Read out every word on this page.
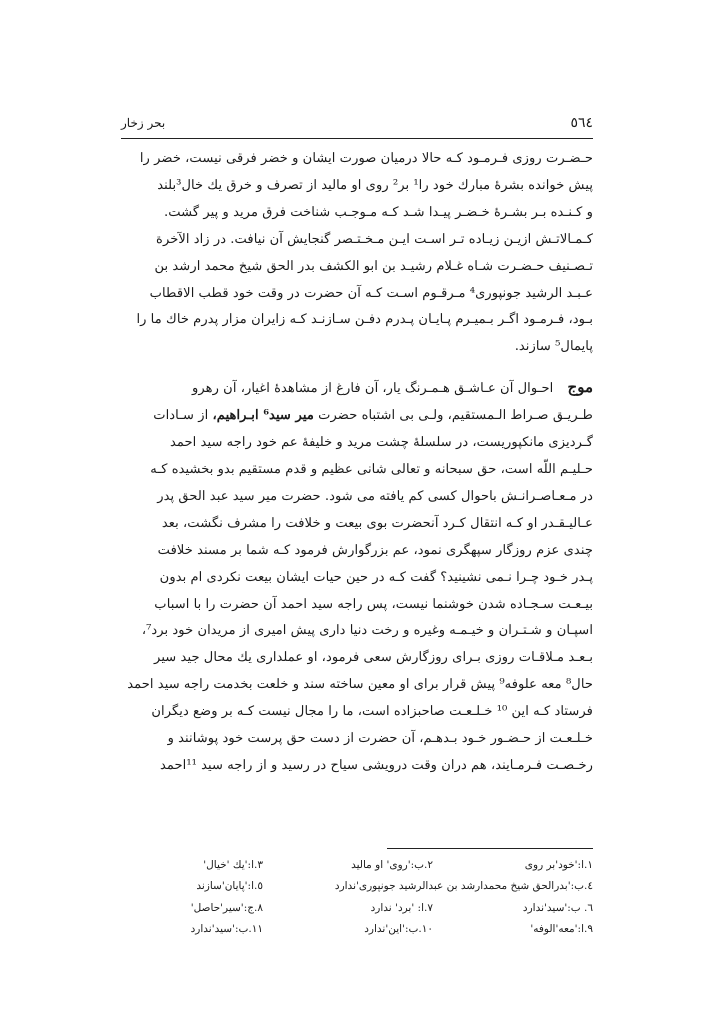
بحر زخار	٥٦٤

حـضـرت روزی فـرمـود کـه حالا درمیان صورت ایشان و خضر فرقی نیست، خضر را

پیش خوانده بشرهٔ مبارك خود را¹ بر² روی او مالید از تصرف و خرق یك خال³بلند

و کـنـده بـر بشـرهٔ خـضـر پیـدا شـد کـه مـوجـب شناخت فرق مرید و پیر گشت.

کـمـالاتـش ازیـن زیـاده تـر اسـت ایـن مـخـتـصر گنجایش آن نیافت. در زاد الآخرة

تـصـنیف حـضـرت شـاه غـلام رشیـد بن ابو الکشف بدر الحق شیخ محمد ارشد بن

عـبـد الرشید جونپوری⁴ مـرقـوم اسـت کـه آن حضرت در وقت خود قطب الاقطاب

بـود، فـرمـود اگـر بـمیـرم پـایـان پـدرم دفـن سـازنـد کـه زایران مزار پدرم خاك ما را

پایمال⁵ سازند.

موج احـوال آن عـاشـق هـمـرنگ یار، آن فارغ از مشاهدهٔ اغیار، آن رهرو

طـریـق صـراط الـمستقیم، ولـی بی اشتباه حضرت میر سید⁶ ابـراهیم، از سـادات

گـردیزی مانکپوریست، در سلسلهٔ چشت مرید و خلیفهٔ عم خود راجه سید احمد

حـلیـم اللّه است، حق سبحانه و تعالی شانی عظیم و قدم مستقیم بدو بخشیده کـه

در مـعـاصـرانـش باحوال کسی کم یافته می شود. حضرت میر سید عبد الحق پدر

عـالیـقـدر او کـه انتقال کـرد آنحضرت بوی بیعت و خلافت را مشرف نگشت، بعد

چندی عزم روزگار سپهگری نمود، عم بزرگوارش فرمود کـه شما بر مسند خلافت

پـدر خـود چـرا نـمی نشینید؟ گفت کـه در حین حیات ایشان بیعت نکردی ام بدون

بیـعـت سـجـاده شدن خوشنما نیست، پس راجه سید احمد آن حضرت را با اسباب

اسپـان و شـتـران و خیـمـه وغیره و رخت دنیا داری پیش امیری از مریدان خود برد⁷،

بـعـد مـلاقـات روزی بـرای روزگارش سعی فرمود، او عملداری یك محال جید سیر

حال⁸ معه علوفه⁹ پیش قرار برای او معین ساخته سند و خلعت بخدمت راجه سید احمد

فرستاد کـه این ¹⁰ خـلـعـت صاحبزاده است، ما را مجال نیست کـه بر وضع دیگران

خـلـعـت از حـضـور خـود بـدهـم، آن حضرت از دست حق پرست خود پوشانند و

رخـصـت فـرمـایند، هم دران وقت درویشی سیاح در رسید و از راجه سید ¹¹احمد

١.ا:'خود'بر روی
٢.ب:'روی' او مالید
٣.ا:'یك 'خیال'
٤.ب:'بدرالحق شیخ محمدارشد بن عبدالرشید جونپوری'ندارد
٥.ا:'پایان'سازند
٦. ب:'سید'ندارد
٧.ا: 'برد' ندارد
٨.ج:'سیر'حاصل'
٩.ا:'معه'الوفه'
١٠.ب:'این'ندارد
١١.ب:'سید'ندارد
